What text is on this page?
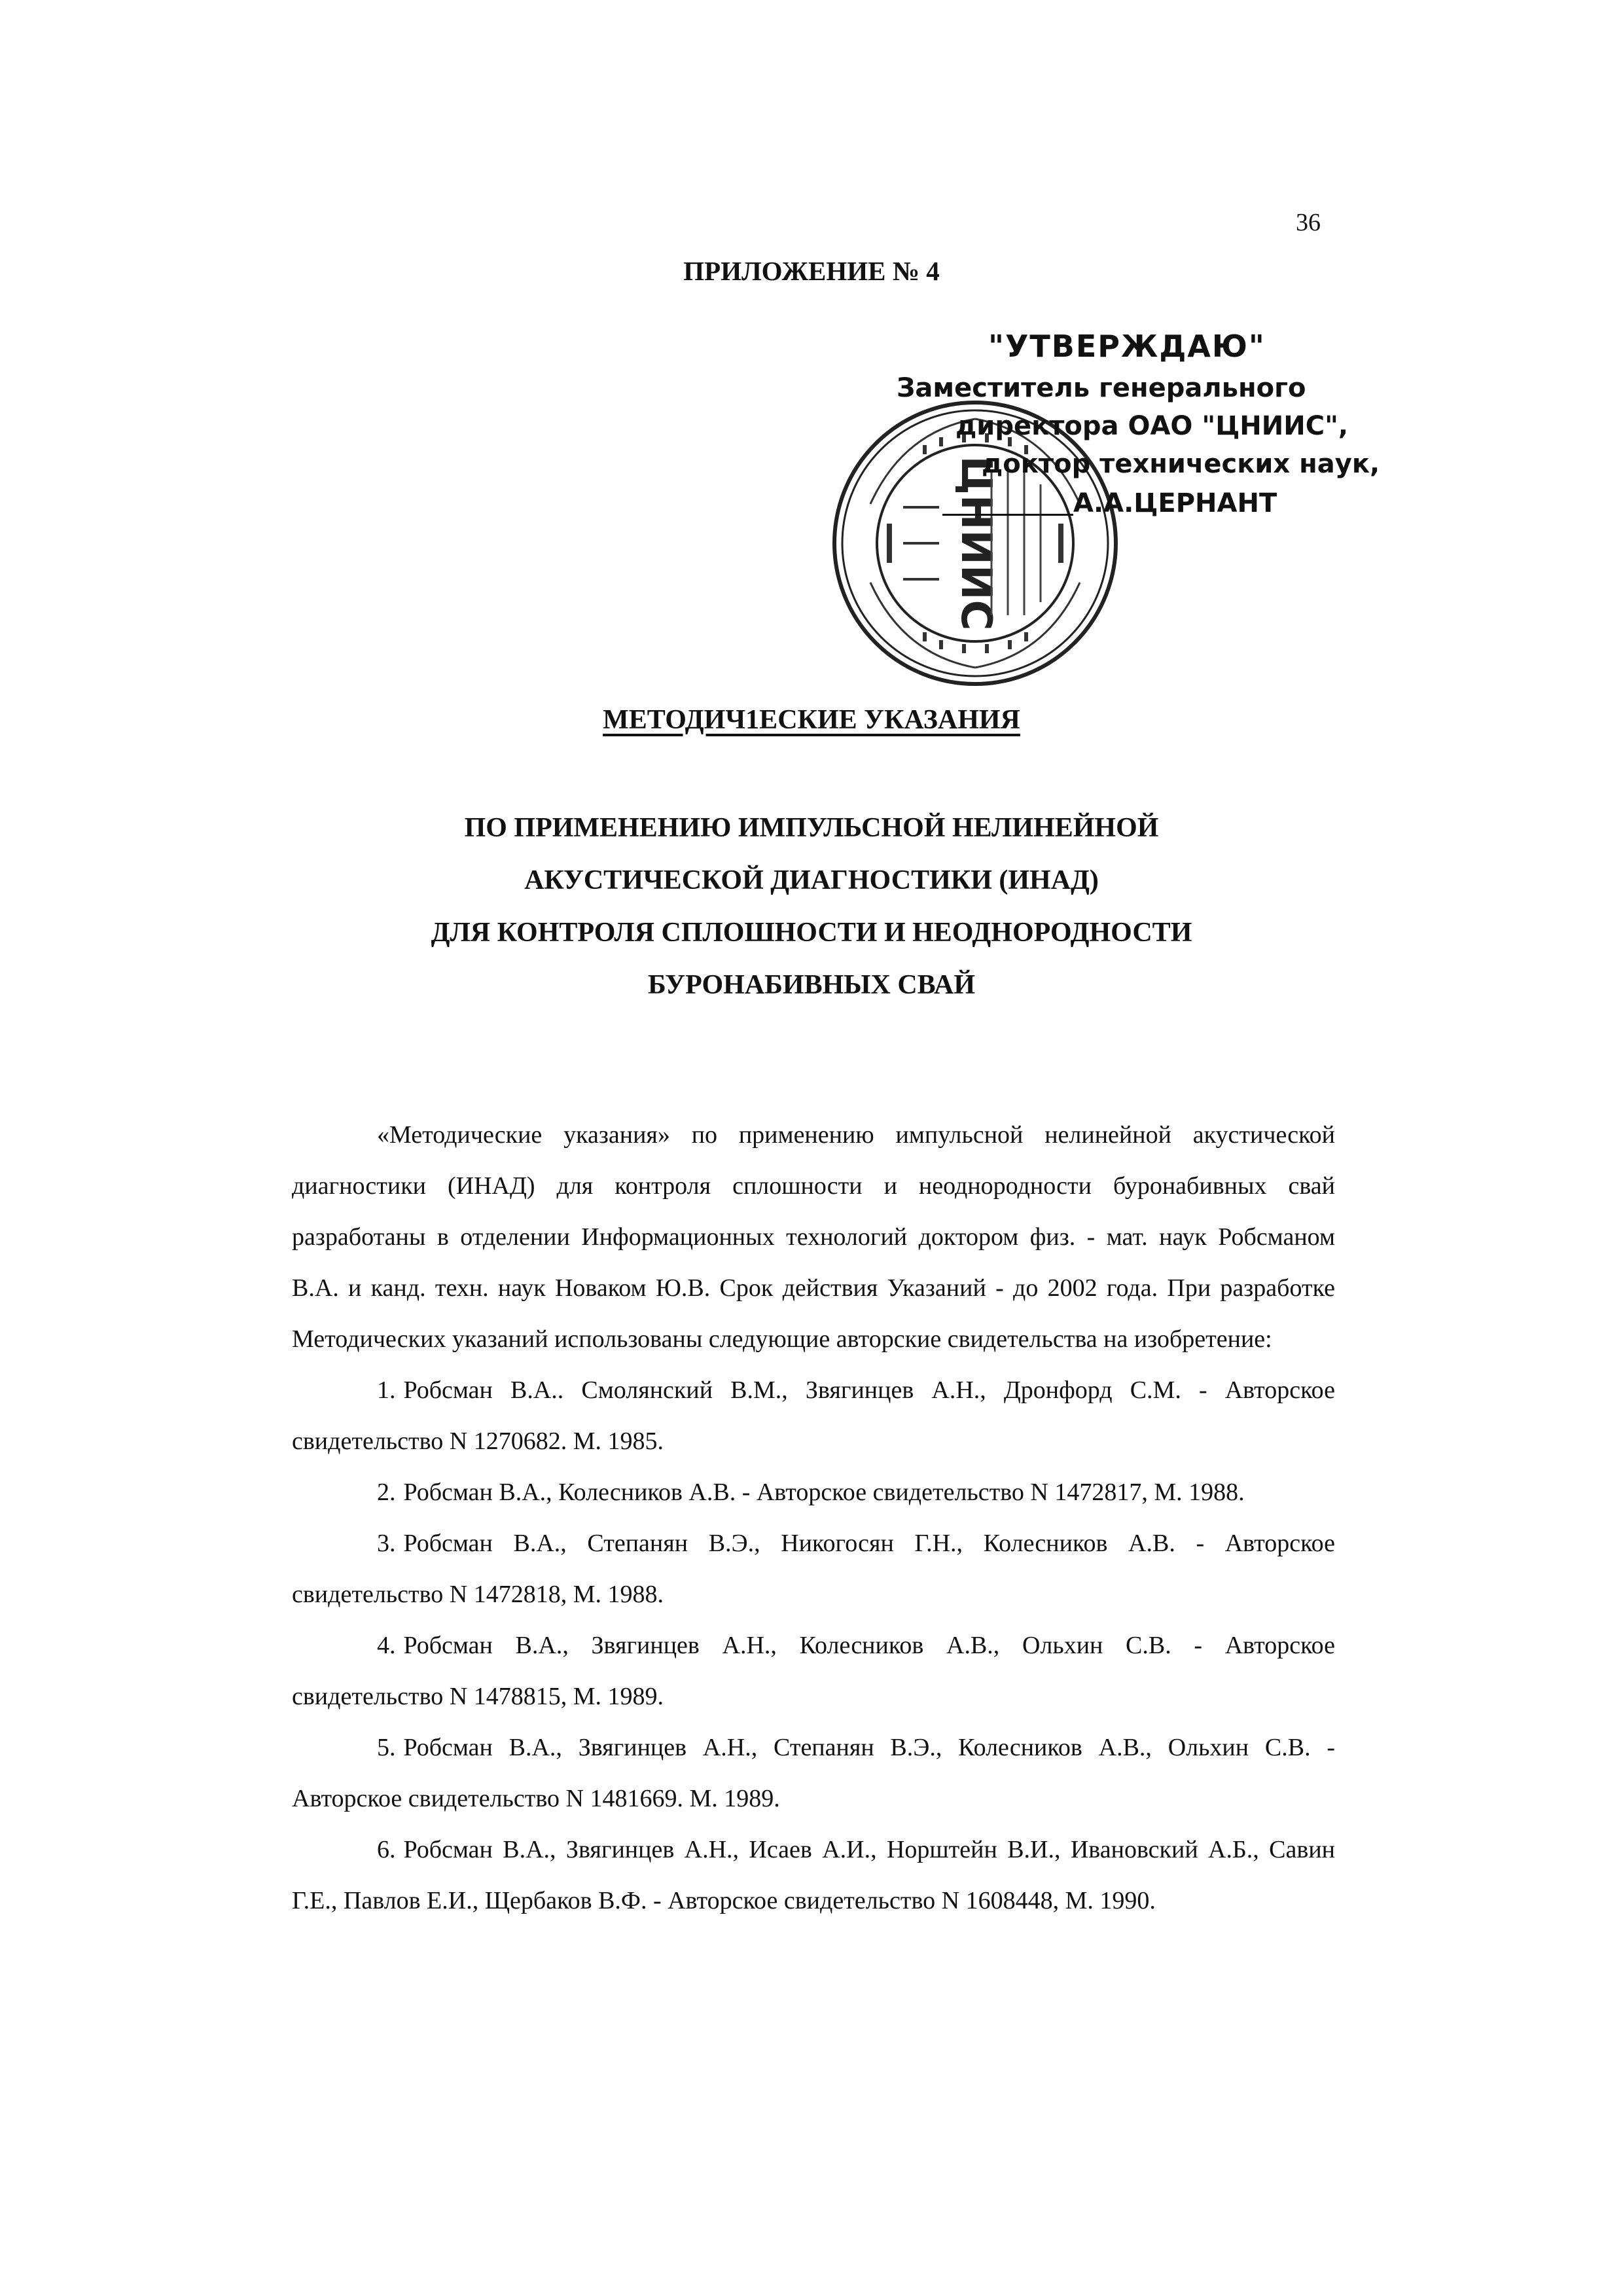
36
ПРИЛОЖЕНИЕ № 4
ЦНИИС
"УТВЕРЖДАЮ"
Заместитель генерального
директора ОАО "ЦНИИС",
доктор технических наук,
А.А.ЦЕРНАНТ
МЕТОДИЧ1ЕСКИЕ УКАЗАНИЯ
ПО ПРИМЕНЕНИЮ ИМПУЛЬСНОЙ НЕЛИНЕЙНОЙ
АКУСТИЧЕСКОЙ ДИАГНОСТИКИ (ИНАД)
ДЛЯ КОНТРОЛЯ СПЛОШНОСТИ И НЕОДНОРОДНОСТИ
БУРОНАБИВНЫХ СВАЙ

«Методические указания» по применению импульсной нелинейной акустической диагностики (ИНАД) для контроля сплошности и неоднородности буронабивных свай разработаны в отделении Информационных технологий доктором физ. - мат. наук Робсманом В.А. и канд. техн. наук Новаком Ю.В. Срок действия Указаний - до 2002 года. При разработке Методических указаний использованы следующие авторские свидетельства на изобретение:

1. Робсман В.А.. Смолянский В.М., Звягинцев А.Н., Дронфорд С.М. - Авторское свидетельство N 1270682. М. 1985.
2. Робсман В.А., Колесников А.В. - Авторское свидетельство N 1472817, М. 1988.
3. Робсман В.А., Степанян В.Э., Никогосян Г.Н., Колесников А.В. - Авторское свидетельство N 1472818, М. 1988.
4. Робсман В.А., Звягинцев А.Н., Колесников А.В., Ольхин С.В. - Авторское свидетельство N 1478815, М. 1989.
5. Робсман В.А., Звягинцев А.Н., Степанян В.Э., Колесников А.В., Ольхин С.В. - Авторское свидетельство N 1481669. М. 1989.
6. Робсман В.А., Звягинцев А.Н., Исаев А.И., Норштейн В.И., Ивановский А.Б., Савин Г.Е., Павлов Е.И., Щербаков В.Ф. - Авторское свидетельство N 1608448, М. 1990.
